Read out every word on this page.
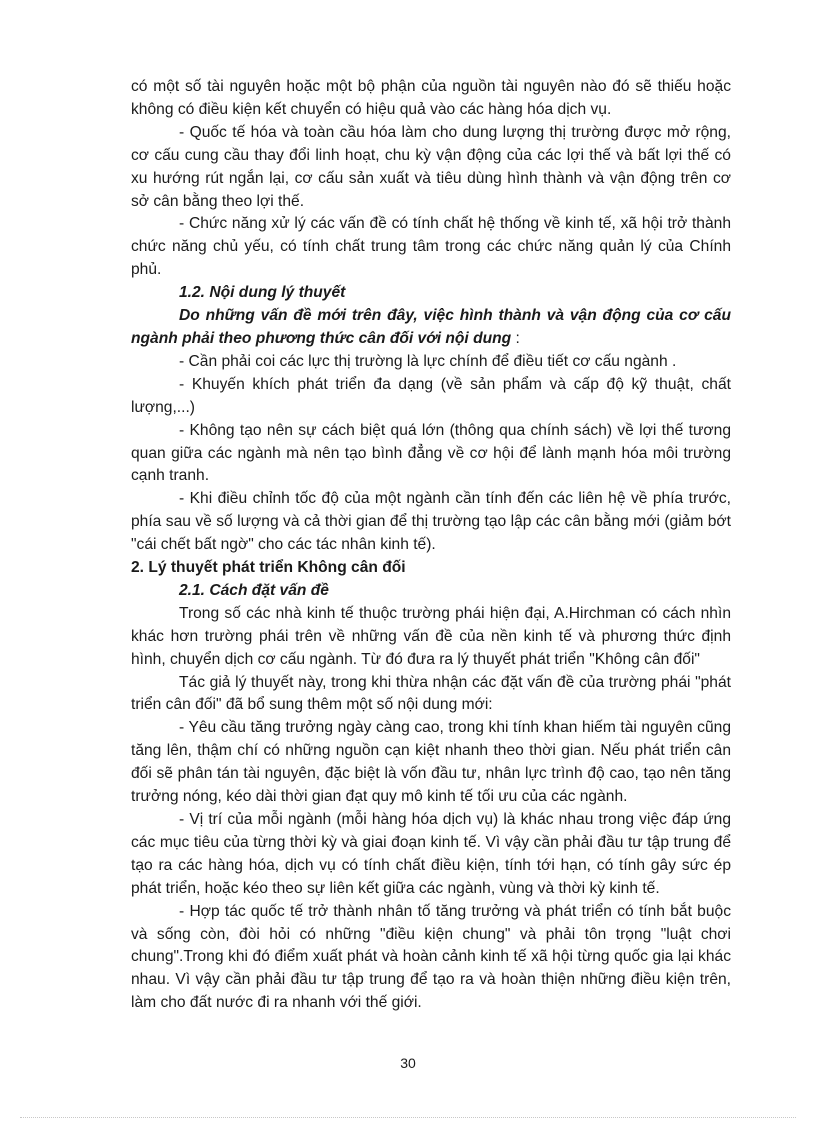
có một số tài nguyên hoặc một bộ phận của nguồn tài nguyên nào đó sẽ thiếu hoặc không có điều kiện kết chuyển có hiệu quả vào các hàng hóa dịch vụ.

- Quốc tế hóa và toàn cầu hóa làm cho dung lượng thị trường được mở rộng, cơ cấu cung cầu thay đổi linh hoạt, chu kỳ vận động của các lợi thế và bất lợi thế có xu hướng rút ngắn lại, cơ cấu sản xuất và tiêu dùng hình thành và vận động trên cơ sở cân bằng theo lợi thế.

- Chức năng xử lý các vấn đề có tính chất hệ thống về kinh tế, xã hội trở thành chức năng chủ yếu, có tính chất trung tâm trong các chức năng quản lý của Chính phủ.

1.2. Nội dung lý thuyết

Do những vấn đề mới trên đây, việc hình thành và vận động của cơ cấu ngành phải theo phương thức cân đối với nội dung :

- Cần phải coi các lực thị trường là lực chính để điều tiết cơ cấu ngành .

- Khuyến khích phát triển đa dạng (về sản phẩm và cấp độ kỹ thuật, chất lượng,...)

- Không tạo nên sự cách biệt quá lớn (thông qua chính sách) về lợi thế tương quan giữa các ngành mà nên tạo bình đẳng về cơ hội để lành mạnh hóa môi trường cạnh tranh.

- Khi điều chỉnh tốc độ của một ngành cần tính đến các liên hệ về phía trước, phía sau về số lượng và cả thời gian để thị trường tạo lập các cân bằng mới (giảm bớt "cái chết bất ngờ" cho các tác nhân kinh tế).

2. Lý thuyết phát triển Không cân đối

2.1. Cách đặt vấn đề

Trong số các nhà kinh tế thuộc trường phái hiện đại, A.Hirchman có cách nhìn khác hơn trường phái trên về những vấn đề của nền kinh tế và phương thức định hình, chuyển dịch cơ cấu ngành. Từ đó đưa ra lý thuyết phát triển "Không cân đối"

Tác giả lý thuyết này, trong khi thừa nhận các đặt vấn đề của trường phái "phát triển cân đối" đã bổ sung thêm một số nội dung mới:

- Yêu cầu tăng trưởng ngày càng cao, trong khi tính khan hiếm tài nguyên cũng tăng lên, thậm chí có những nguồn cạn kiệt nhanh theo thời gian. Nếu phát triển cân đối sẽ phân tán tài nguyên, đặc biệt là vốn đầu tư, nhân lực trình độ cao, tạo nên tăng trưởng nóng, kéo dài thời gian đạt quy mô kinh tế tối ưu của các ngành.

- Vị trí của mỗi ngành (mỗi hàng hóa dịch vụ) là khác nhau trong việc đáp ứng các mục tiêu của từng thời kỳ và giai đoạn kinh tế. Vì vậy cần phải đầu tư tập trung để tạo ra các hàng hóa, dịch vụ có tính chất điều kiện, tính tới hạn, có tính gây sức ép phát triển, hoặc kéo theo sự liên kết giữa các ngành, vùng và thời kỳ kinh tế.

- Hợp tác quốc tế trở thành nhân tố tăng trưởng và phát triển có tính bắt buộc và sống còn, đòi hỏi có những "điều kiện chung" và phải tôn trọng "luật chơi chung".Trong khi đó điểm xuất phát và hoàn cảnh kinh tế xã hội từng quốc gia lại khác nhau. Vì vậy cần phải đầu tư tập trung để tạo ra và hoàn thiện những điều kiện trên, làm cho đất nước đi ra nhanh với thế giới.

30
